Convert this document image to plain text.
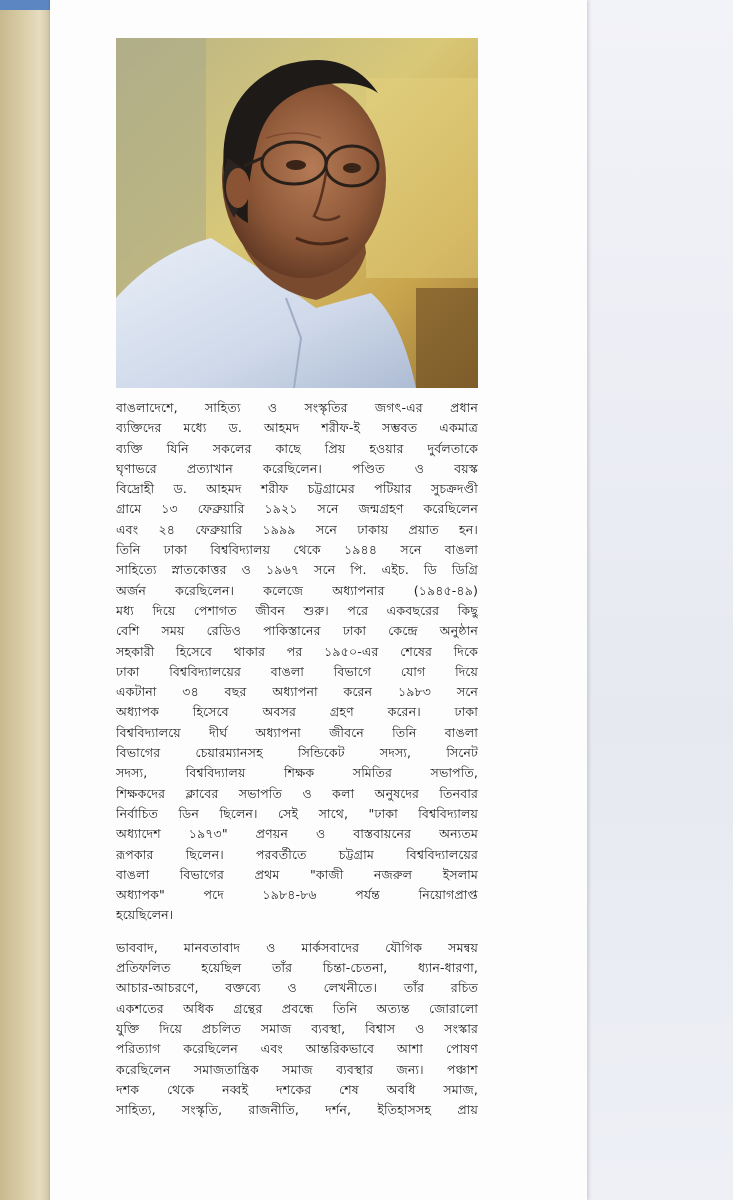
বাঙলাদেশে, সাহিত্য ও সংস্কৃতির জগৎ-এর প্রধান
ব্যক্তিদের মধ্যে ড. আহমদ শরীফ-ই সম্ভবত একমাত্র
ব্যক্তি যিনি সকলের কাছে প্রিয় হওয়ার দুর্বলতাকে
ঘৃণাভরে প্রত্যাখান করেছিলেন। পণ্ডিত ও বয়স্ক
বিদ্রোহী ড. আহমদ শরীফ চট্টগ্রামের পটিয়ার সুচক্রদণ্ডী
গ্রামে ১৩ ফেব্রুয়ারি ১৯২১ সনে জন্মগ্রহণ করেছিলেন
এবং ২৪ ফেব্রুয়ারি ১৯৯৯ সনে ঢাকায় প্রয়াত হন।
তিনি ঢাকা বিশ্ববিদ্যালয় থেকে ১৯৪৪ সনে বাঙলা
সাহিত্যে স্নাতকোত্তর ও ১৯৬৭ সনে পি. এইচ. ডি ডিগ্রি
অর্জন করেছিলেন। কলেজে অধ্যাপনার (১৯৪৫-৪৯)
মধ্য দিয়ে পেশাগত জীবন শুরু। পরে একবছরের কিছু
বেশি সময় রেডিও পাকিস্তানের ঢাকা কেন্দ্রে অনুষ্ঠান
সহকারী হিসেবে থাকার পর ১৯৫০-এর শেষের দিকে
ঢাকা বিশ্ববিদ্যালয়ের বাঙলা বিভাগে যোগ দিয়ে
একটানা ৩৪ বছর অধ্যাপনা করেন ১৯৮৩ সনে
অধ্যাপক হিসেবে অবসর গ্রহণ করেন। ঢাকা
বিশ্ববিদ্যালয়ে দীর্ঘ অধ্যাপনা জীবনে তিনি বাঙলা
বিভাগের চেয়ারম্যানসহ সিন্ডিকেট সদস্য, সিনেট
সদস্য, বিশ্ববিদ্যালয় শিক্ষক সমিতির সভাপতি,
শিক্ষকদের ক্লাবের সভাপতি ও কলা অনুষদের তিনবার
নির্বাচিত ডিন ছিলেন। সেই সাথে, "ঢাকা বিশ্ববিদ্যালয়
অধ্যাদেশ ১৯৭৩" প্রণয়ন ও বাস্তবায়নের অন্যতম
রূপকার ছিলেন। পরবর্তীতে চট্টগ্রাম বিশ্ববিদ্যালয়ের
বাঙলা বিভাগের প্রথম "কাজী নজরুল ইসলাম
অধ্যাপক" পদে ১৯৮৪-৮৬ পর্যন্ত নিয়োগপ্রাপ্ত
হয়েছিলেন।

ভাববাদ, মানবতাবাদ ও মার্কসবাদের যৌগিক সমন্বয়
প্রতিফলিত হয়েছিল তাঁর চিন্তা-চেতনা, ধ্যান-ধারণা,
আচার-আচরণে, বক্তব্যে ও লেখনীতে। তাঁর রচিত
একশতের অধিক গ্রন্থের প্রবন্ধে তিনি অত্যন্ত জোরালো
যুক্তি দিয়ে প্রচলিত সমাজ ব্যবস্থা, বিশ্বাস ও সংস্কার
পরিত্যাগ করেছিলেন এবং আন্তরিকভাবে আশা পোষণ
করেছিলেন সমাজতান্ত্রিক সমাজ ব্যবস্থার জন্য। পঞ্চাশ
দশক থেকে নব্বই দশকের শেষ অবধি সমাজ,
সাহিত্য, সংস্কৃতি, রাজনীতি, দর্শন, ইতিহাসসহ প্রায়
